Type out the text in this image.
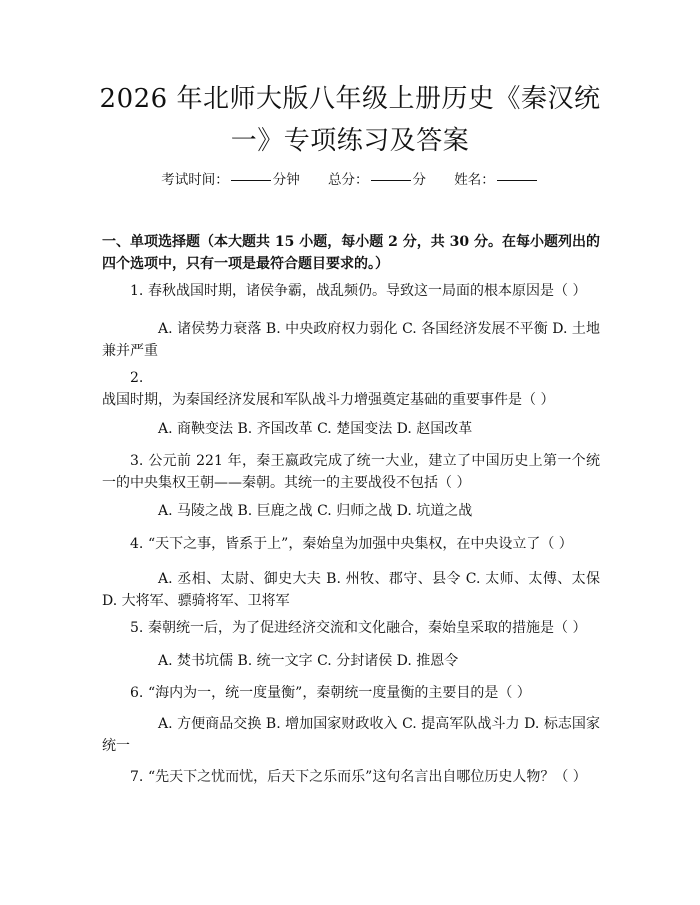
2026 年北师大版八年级上册历史《秦汉统
一》专项练习及答案
考试时间：	分钟 总分：	分 姓名：

一、单项选择题（本大题共 15 小题，每小题 2 分，共 30 分。在每小题列出的四个选项中，只有一项是最符合题目要求的。）

1. 春秋战国时期，诸侯争霸，战乱频仍。导致这一局面的根本原因是（ ）

A. 诸侯势力衰落 B. 中央政府权力弱化 C. 各国经济发展不平衡 D. 土地兼并严重

2.战国时期，为秦国经济发展和军队战斗力增强奠定基础的重要事件是（ ）

A. 商鞅变法 B. 齐国改革 C. 楚国变法 D. 赵国改革

3. 公元前 221 年，秦王嬴政完成了统一大业，建立了中国历史上第一个统一的中央集权王朝——秦朝。其统一的主要战役不包括（ ）

A. 马陵之战 B. 巨鹿之战 C. 归师之战 D. 坑道之战

4. “天下之事，皆系于上”，秦始皇为加强中央集权，在中央设立了（ ）

A. 丞相、太尉、御史大夫 B. 州牧、郡守、县令 C. 太师、太傅、太保 D. 大将军、骠骑将军、卫将军

5. 秦朝统一后，为了促进经济交流和文化融合，秦始皇采取的措施是（ ）

A. 焚书坑儒 B. 统一文字 C. 分封诸侯 D. 推恩令

6. “海内为一，统一度量衡”，秦朝统一度量衡的主要目的是（ ）

A. 方便商品交换 B. 增加国家财政收入 C. 提高军队战斗力 D. 标志国家统一

7. “先天下之忧而忧，后天下之乐而乐”这句名言出自哪位历史人物？（ ）
